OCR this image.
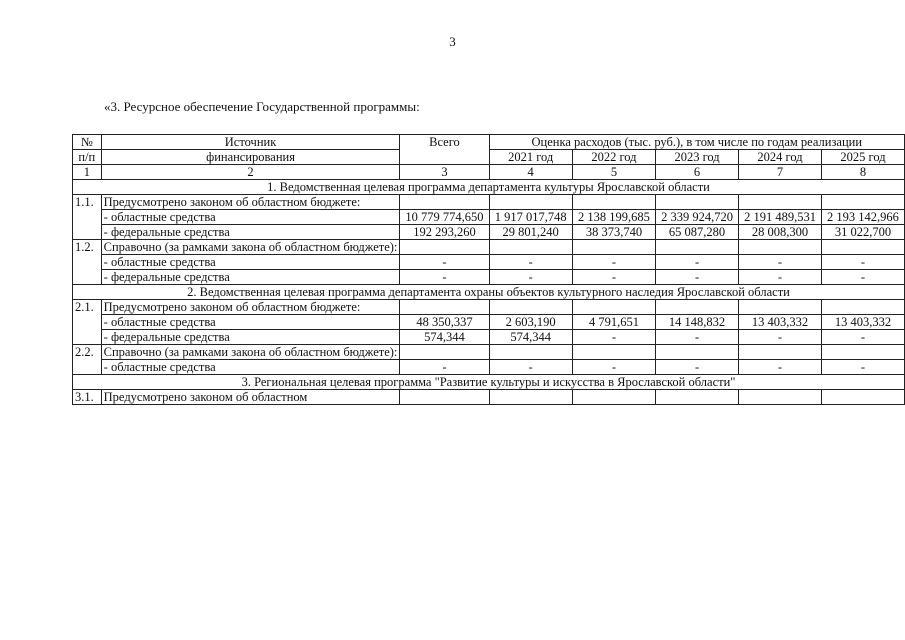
3
«3. Ресурсное обеспечение Государственной программы:
№	Источник	Всего	Оценка расходов (тыс. руб.), в том числе по годам реализации				
п/п	финансирования		2021 год	2022 год	2023 год	2024 год	2025 год
1	2	3	4	5	6	7	8
1. Ведомственная целевая программа департамента культуры Ярославской области							
1.1.	Предусмотрено законом об областном бюджете:						
	- областные средства	10 779 774,650	1 917 017,748	2 138 199,685	2 339 924,720	2 191 489,531	2 193 142,966
	- федеральные средства	192 293,260	29 801,240	38 373,740	65 087,280	28 008,300	31 022,700
1.2.	Справочно (за рамками закона об областном бюджете):						
	- областные средства	-	-	-	-	-	-
	- федеральные средства	-	-	-	-	-	-
2. Ведомственная целевая программа департамента охраны объектов культурного наследия Ярославской области							
2.1.	Предусмотрено законом об областном бюджете:						
	- областные средства	48 350,337	2 603,190	4 791,651	14 148,832	13 403,332	13 403,332
	- федеральные средства	574,344	574,344	-	-	-	-
2.2.	Справочно (за рамками закона об областном бюджете):						
	- областные средства	-	-	-	-	-	-
3. Региональная целевая программа "Развитие культуры и искусства в Ярославской области"							
3.1.	Предусмотрено законом об областном						
